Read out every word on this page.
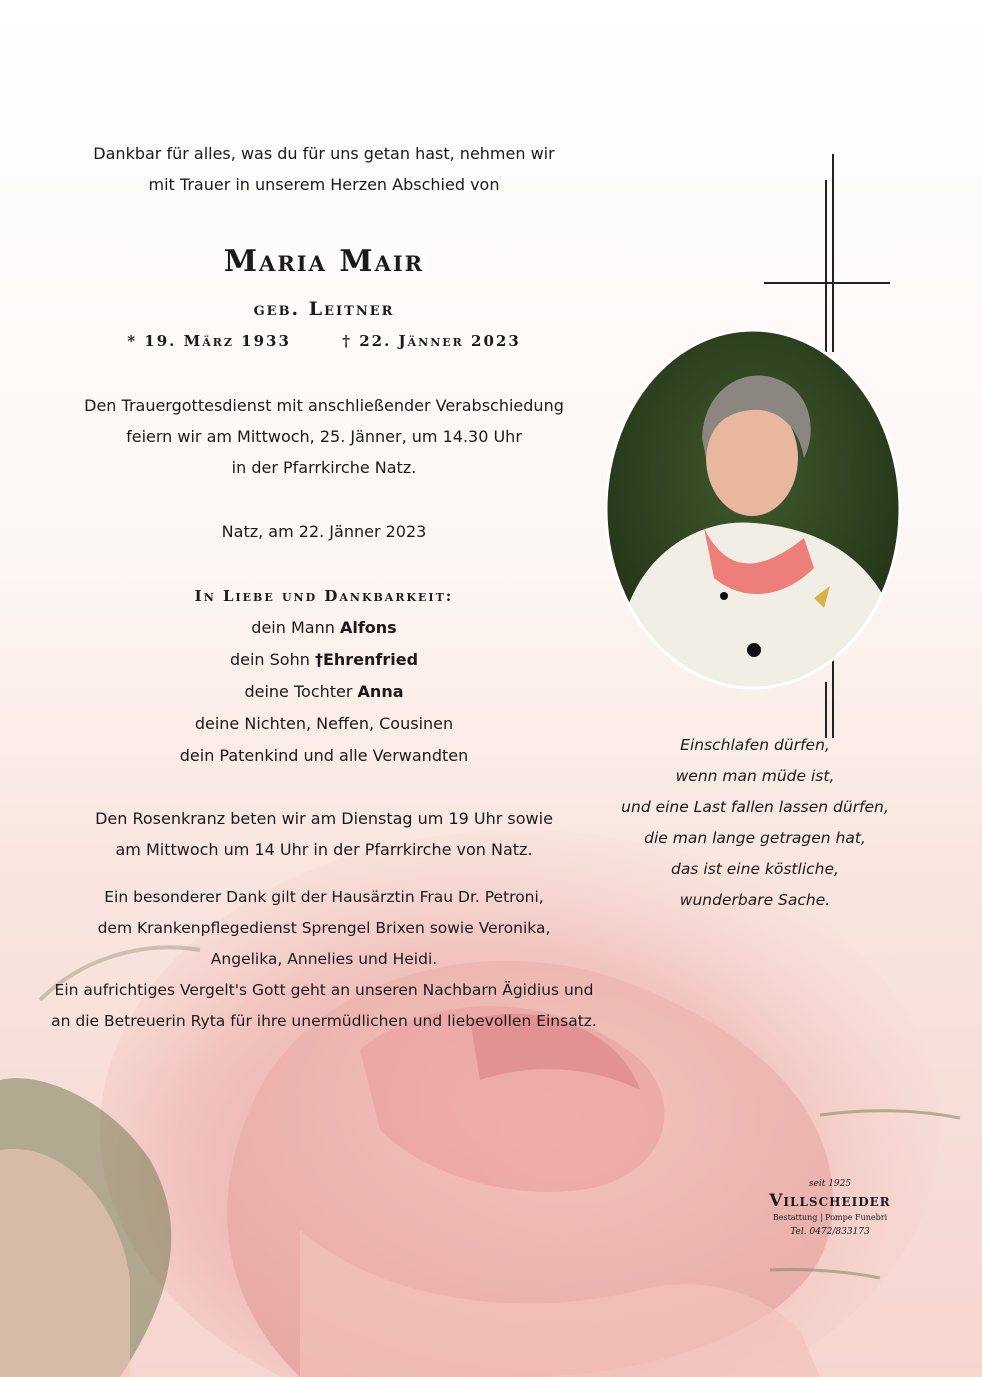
Dankbar für alles, was du für uns getan hast, nehmen wir
mit Trauer in unserem Herzen Abschied von
Maria Mair
geb. Leitner
* 19. März 1933	† 22. Jänner 2023
Den Trauergottesdienst mit anschließender Verabschiedung
feiern wir am Mittwoch, 25. Jänner, um 14.30 Uhr
in der Pfarrkirche Natz.
Natz, am 22. Jänner 2023
In Liebe und Dankbarkeit:
dein Mann Alfons
dein Sohn †Ehrenfried
deine Tochter Anna
deine Nichten, Neffen, Cousinen
dein Patenkind und alle Verwandten
Den Rosenkranz beten wir am Dienstag um 19 Uhr sowie
am Mittwoch um 14 Uhr in der Pfarrkirche von Natz.
Ein besonderer Dank gilt der Hausärztin Frau Dr. Petroni,
dem Krankenpflegedienst Sprengel Brixen sowie Veronika,
Angelika, Annelies und Heidi.
Ein aufrichtiges Vergelt's Gott geht an unseren Nachbarn Ägidius und
an die Betreuerin Ryta für ihre unermüdlichen und liebevollen Einsatz.
Einschlafen dürfen,
wenn man müde ist,
und eine Last fallen lassen dürfen,
die man lange getragen hat,
das ist eine köstliche,
wunderbare Sache.
seit 1925
Villscheider
Bestattung | Pompe Funebri
Tel. 0472/833173
